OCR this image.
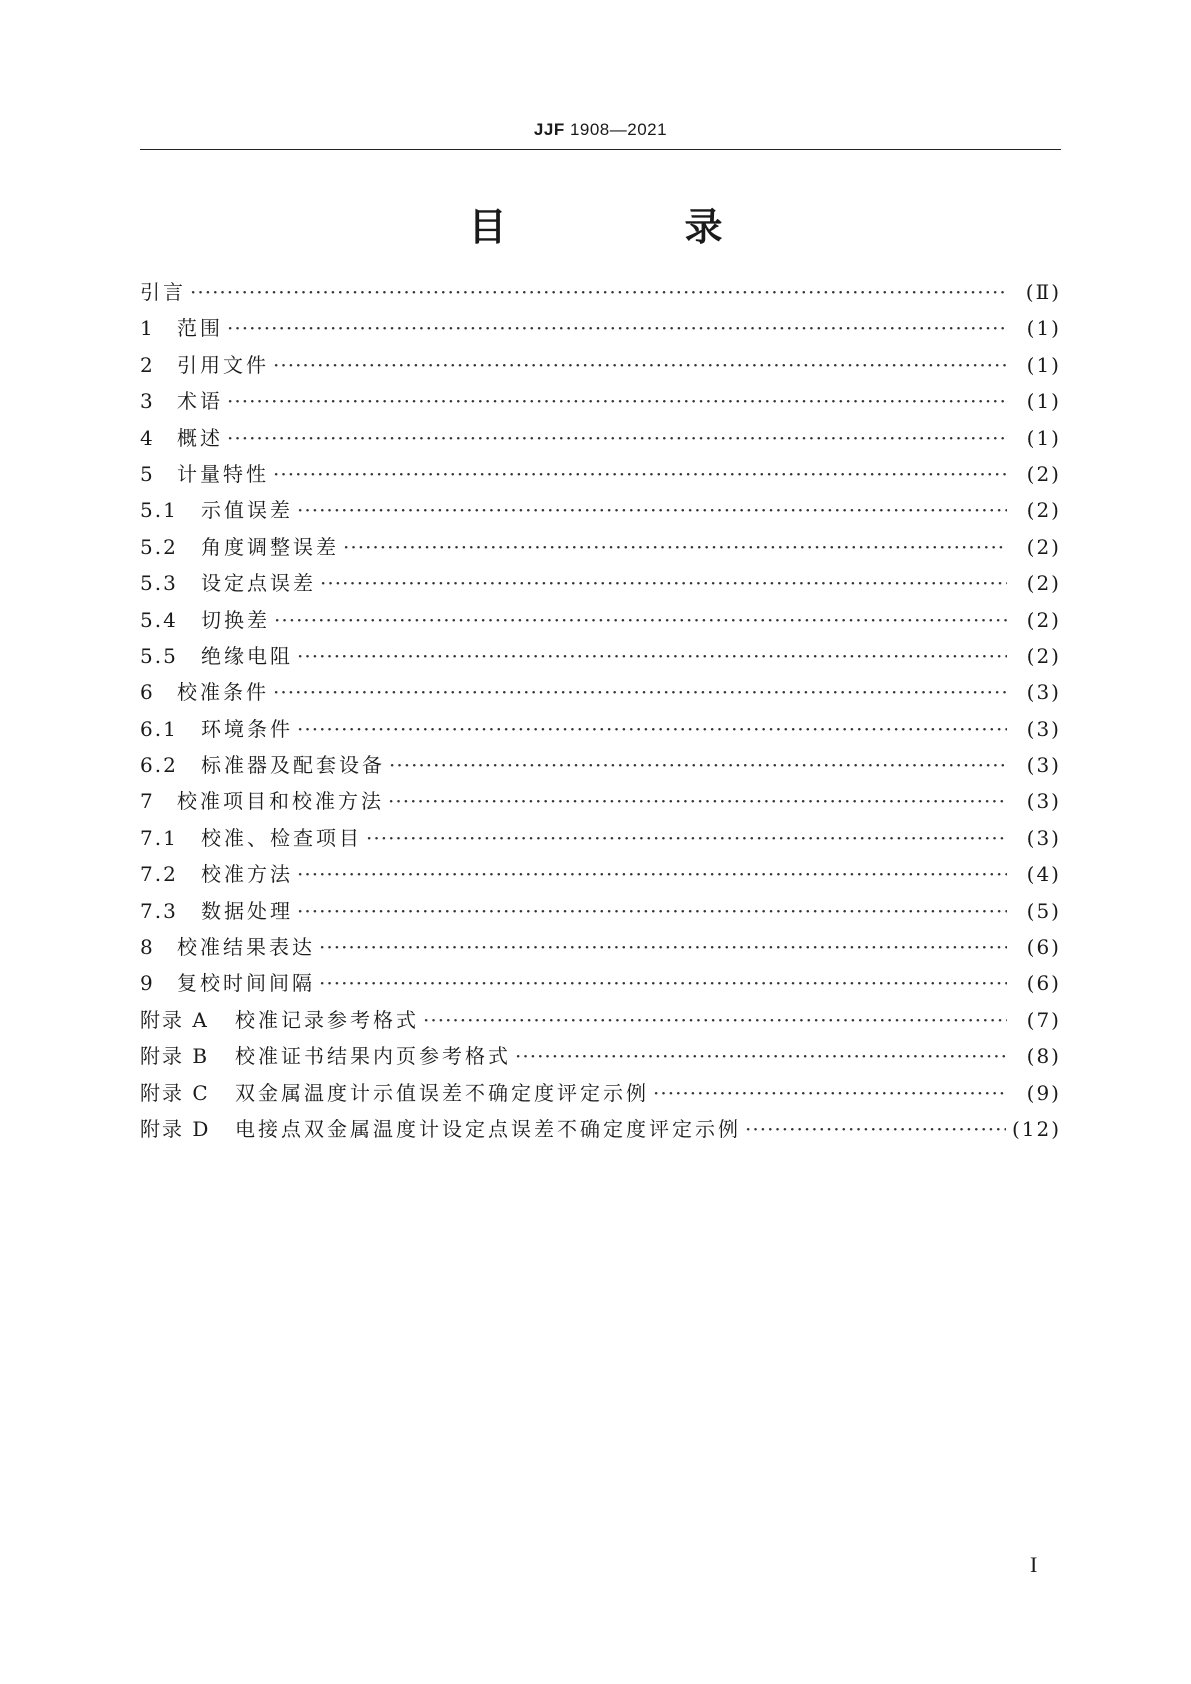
JJF 1908—2021
目　录
引言 ·····	(Ⅱ)
1	范围 ·····	(1)
2	引用文件 ·····	(1)
3	术语 ·····	(1)
4	概述 ·····	(1)
5	计量特性 ·····	(2)
5.1	示值误差 ·····	(2)
5.2	角度调整误差 ·····	(2)
5.3	设定点误差 ·····	(2)
5.4	切换差 ·····	(2)
5.5	绝缘电阻 ·····	(2)
6	校准条件 ·····	(3)
6.1	环境条件 ·····	(3)
6.2	标准器及配套设备 ·····	(3)
7	校准项目和校准方法 ·····	(3)
7.1	校准、检查项目 ·····	(3)
7.2	校准方法 ·····	(4)
7.3	数据处理 ·····	(5)
8	校准结果表达 ·····	(6)
9	复校时间间隔 ·····	(6)
附录 A	校准记录参考格式 ·····	(7)
附录 B	校准证书结果内页参考格式 ·····	(8)
附录 C	双金属温度计示值误差不确定度评定示例 ·····	(9)
附录 D	电接点双金属温度计设定点误差不确定度评定示例 ·····	(12)
I
